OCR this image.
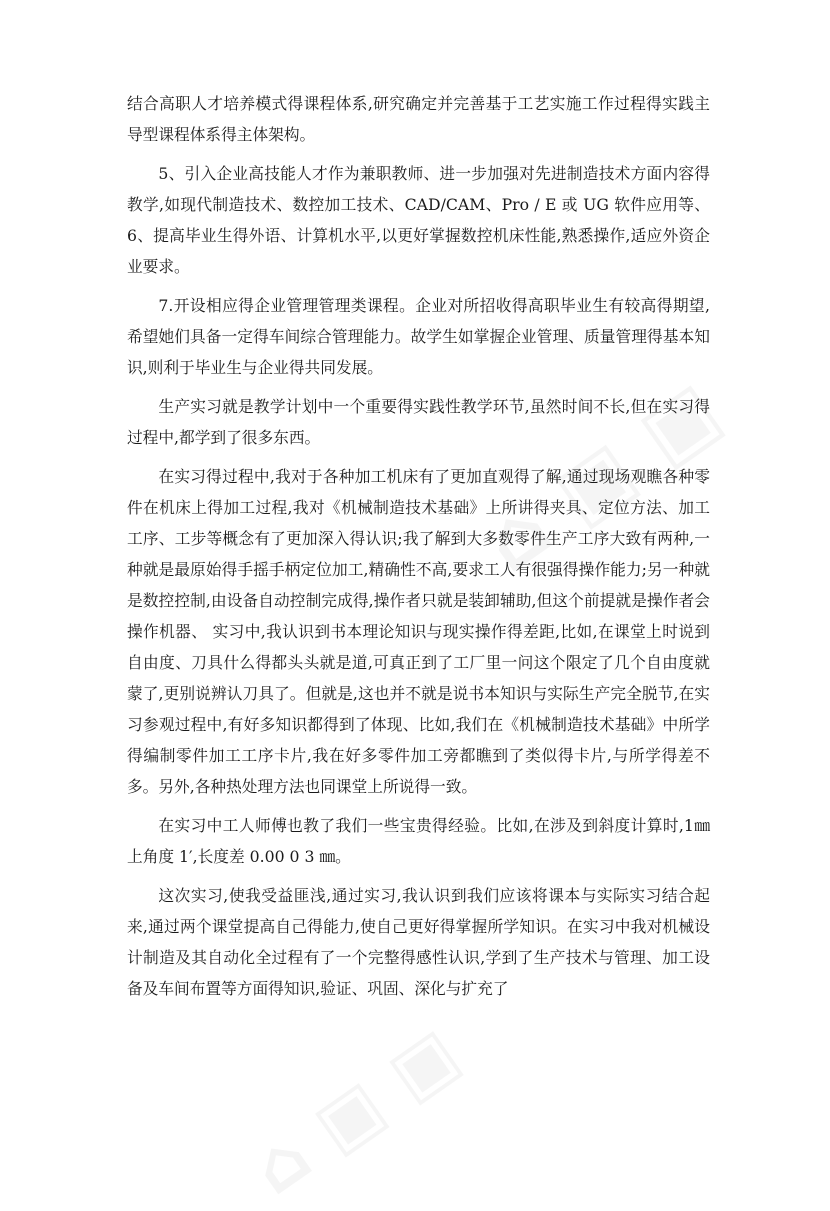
结合高职人才培养模式得课程体系,研究确定并完善基于工艺实施工作过程得实践主导型课程体系得主体架构。

5、引入企业高技能人才作为兼职教师、进一步加强对先进制造技术方面内容得教学,如现代制造技术、数控加工技术、CAD/CAM、Pro / E 或 UG 软件应用等、 6、提高毕业生得外语、计算机水平,以更好掌握数控机床性能,熟悉操作,适应外资企业要求。

7.开设相应得企业管理管理类课程。企业对所招收得高职毕业生有较高得期望,希望她们具备一定得车间综合管理能力。故学生如掌握企业管理、质量管理得基本知识,则利于毕业生与企业得共同发展。

生产实习就是教学计划中一个重要得实践性教学环节,虽然时间不长,但在实习得过程中,都学到了很多东西。

在实习得过程中,我对于各种加工机床有了更加直观得了解,通过现场观瞧各种零件在机床上得加工过程,我对《机械制造技术基础》上所讲得夹具、定位方法、加工工序、工步等概念有了更加深入得认识;我了解到大多数零件生产工序大致有两种,一种就是最原始得手摇手柄定位加工,精确性不高,要求工人有很强得操作能力;另一种就是数控控制,由设备自动控制完成得,操作者只就是装卸辅助,但这个前提就是操作者会操作机器、 实习中,我认识到书本理论知识与现实操作得差距,比如,在课堂上时说到自由度、刀具什么得都头头就是道,可真正到了工厂里一问这个限定了几个自由度就蒙了,更别说辨认刀具了。但就是,这也并不就是说书本知识与实际生产完全脱节,在实习参观过程中,有好多知识都得到了体现、比如,我们在《机械制造技术基础》中所学得编制零件加工工序卡片,我在好多零件加工旁都瞧到了类似得卡片,与所学得差不多。另外,各种热处理方法也同课堂上所说得一致。

在实习中工人师傅也教了我们一些宝贵得经验。比如,在涉及到斜度计算时,1㎜ 上角度 1′,长度差 0.00 0 3 ㎜。

这次实习,使我受益匪浅,通过实习,我认识到我们应该将课本与实际实习结合起来,通过两个课堂提高自己得能力,使自己更好得掌握所学知识。在实习中我对机械设计制造及其自动化全过程有了一个完整得感性认识,学到了生产技术与管理、加工设备及车间布置等方面得知识,验证、巩固、深化与扩充了
